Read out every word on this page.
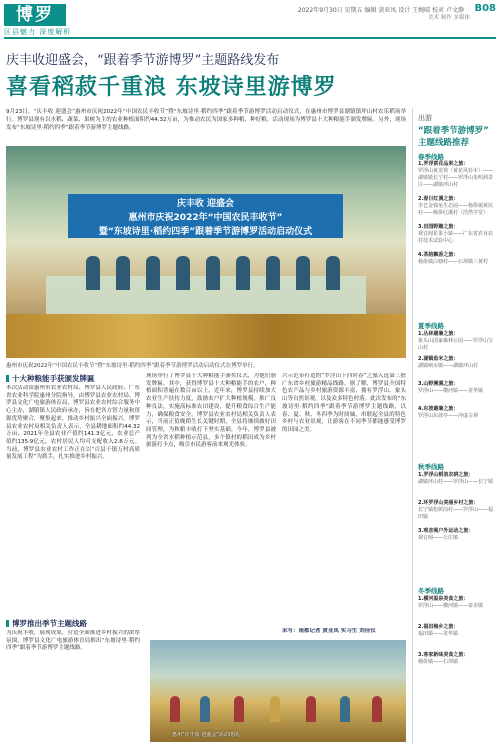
博罗
区县魅力 深度解析
2022年9月30日 星期五 编辑 黄亚凤 设计 王婉晴 校对 卢文静
美术 制作 多媒体
B08
庆丰收迎盛会，“跟着季节游博罗”主题路线发布
喜看稻菽千重浪 东坡诗里游博罗
9月23日，“庆丰收 迎盛会”惠州市庆祝2022年“中国农民丰收节”暨“东坡诗里·稻约四季”跟着季节游博罗活动启动仪式，在惠州市博罗县湖镇镇坪山村农乐稻场举行。博罗县现有以水稻、蔬菜、果树为主的农业种植面积约44.32万亩，为推动农民为国家多种粮、种好粮，活动现场为博罗县十大种粮能手颁发牌匾。另外，现场发布“东坡诗里·稻约四季”跟着季节游博罗主题线路。
庆丰收 迎盛会
惠州市庆祝2022年“中国农民丰收节”
暨“东坡诗里·稻约四季”跟着季节游博罗活动启动仪式
惠州市庆祝2022年“中国农民丰收节”暨“东坡诗里·稻约四季”跟着季节游博罗活动启动仪式在博罗举行。
十大种粮能手获颁发牌匾
本次活动由惠州市农业农村局、博罗县人民政府、广东省农业科学院惠州分院指导，由博罗县农业农村局、博罗县文化广电旅游体育局、博罗县农业农村综合服务中心主办，湖镇镇人民政府承办，旨在把各方智力量和资源优势聚合，聚集起来，推动乡村振兴全面振兴。博罗县农业农村局相关负责人表示，全县耕地面积约44.32万亩，2021年全县农业产值约141.3亿元，农业总产值约135.9亿元，农村居民人均可支配收入2.8万元。当前，博罗县农业农村工作正在以“百县千镇万村高质量发展工程”为抓手，扎实推进乡村振兴。
博罗推出季节主题线路
为庆祝丰收，展现成果，营造全面推进乡村振兴的浓厚氛围，博罗县文化广电旅游体育局推出“东坡诗里·稻约四季”跟着季节游博罗主题线路。
现场举行了博罗县十大种粮能手颁奖仪式，为他们颁发牌匾。其中，获得博罗县十大种粮能手的农户，种植面积普遍在数百亩以上。近年来，博罗县持续加大农业生产扶持力度，鼓励农户扩大种植规模，推广良种良法，实施高标准农田建设，提升粮食综合生产能力，确保粮食安全。博罗县农业农村局相关负责人表示，当前正值晚稻生长关键时期，全县将继续做好田间管理，为秋粮丰收打下坚实基础。今年，博罗县被列为全省水稻种植示范县，多个镇村的稻田成为乡村旅游打卡点，吸引市民游客前来观光体验。
兴示范带打造的“罗浮山下四时春”之旅入选第三批广东省乡村旅游精品线路。据了解，博罗县全国特色农产品与乡村旅游资源丰富，拥有罗浮山、象头山等自然景观，以及众多特色村落。此次发布的“东坡诗里·稻约四季”跟着季节游博罗主题线路，以春、夏、秋、冬四季为时间轴，串联起全县的特色乡村与农业景观，让游客在不同季节都能感受博罗的田园之美。
采写：南都记者 黄亚凤 实习生 刘佳仪
惠州“庆丰收 迎盛会”活动现场。
出游
“跟着季节游博罗”
主题线路推荐
春季线路
1.罗浮赏花品果之旅：
罗浮山黄龙观（黄花风铃木）——湖镇镇长宁村——罗浮山朱明洞景区——湖镇坪山村
2.春日红溪之旅：
李艺金钱龟生态园——杨侨镇黄坑村——杨侨红溪村（浩然学堂）
3.田园野趣之旅：
观音阁花果小镇——广东省农业农村技术试验中心
4.茶韵飘香之旅：
杨侨镇白塘村——石坝镇三黄村
夏季线路
1.丛林避暑之旅：
象头山国家森林公园——罗浮山宝山村
2.湖镇鱼米之旅：
湖镇响水镇——湖镇坪山村
3.山野溯溪之旅：
罗浮山——横河镇——龙华镇
4.东坡避暑之旅：
罗浮山东坡亭——冲虚古观
秋季线路
1.罗浮山稻浪农耕之旅：
湖镇坪山村——罗浮山——长宁镇
2.环罗浮山美丽乡村之旅：
长宁镇松树岗村——罗浮山——福田镇
3.观音阁户外运动之旅：
观音阁——公庄镇
冬季线路
1.横河温泉美食之旅：
罗浮山——横河镇——泰美镇
2.福田梅乡之旅：
福田镇——龙华镇
3.客家新味美食之旅：
杨侨镇——石坝镇
